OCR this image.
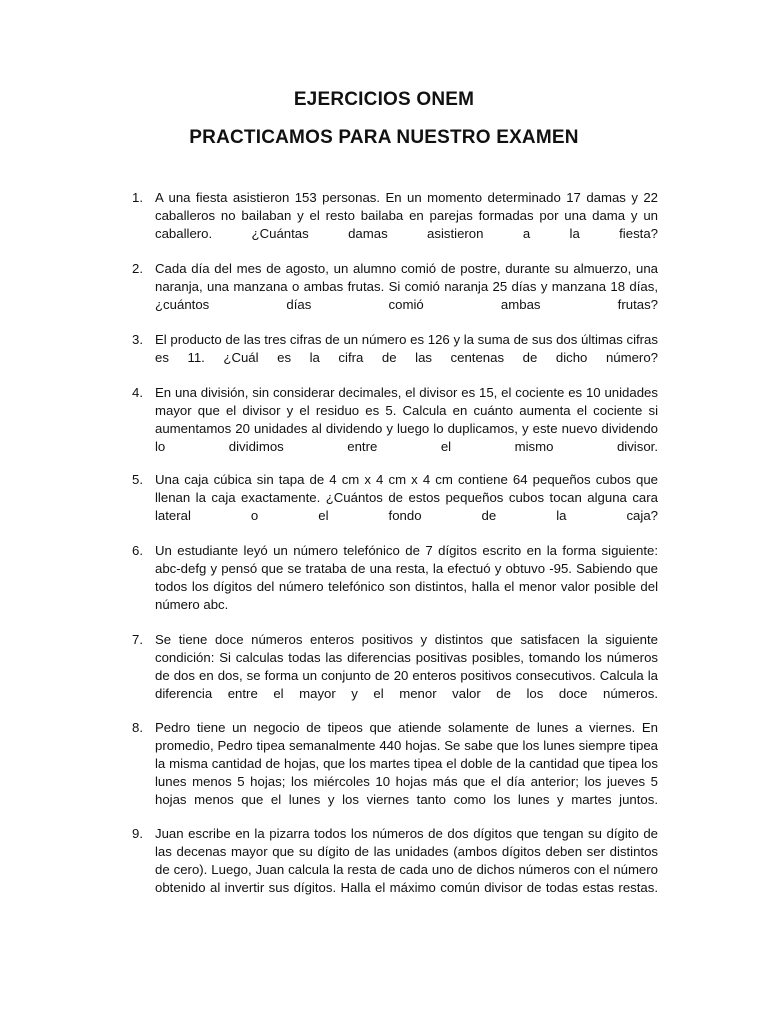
EJERCICIOS ONEM
PRACTICAMOS PARA NUESTRO EXAMEN
1. A una fiesta asistieron 153 personas. En un momento determinado 17 damas y 22 caballeros no bailaban y el resto bailaba en parejas formadas por una dama y un caballero. ¿Cuántas damas asistieron a la fiesta?

2. Cada día del mes de agosto, un alumno comió de postre, durante su almuerzo, una naranja, una manzana o ambas frutas. Si comió naranja 25 días y manzana 18 días, ¿cuántos días comió ambas frutas?

3. El producto de las tres cifras de un número es 126 y la suma de sus dos últimas cifras es 11. ¿Cuál es la cifra de las centenas de dicho número?

4. En una división, sin considerar decimales, el divisor es 15, el cociente es 10 unidades mayor que el divisor y el residuo es 5. Calcula en cuánto aumenta el cociente si aumentamos 20 unidades al dividendo y luego lo duplicamos, y este nuevo dividendo lo dividimos entre el mismo divisor.

5. Una caja cúbica sin tapa de 4 cm x 4 cm x 4 cm contiene 64 pequeños cubos que llenan la caja exactamente. ¿Cuántos de estos pequeños cubos tocan alguna cara lateral o el fondo de la caja?

6. Un estudiante leyó un número telefónico de 7 dígitos escrito en la forma siguiente: abc-defg y pensó que se trataba de una resta, la efectuó y obtuvo -95. Sabiendo que todos los dígitos del número telefónico son distintos, halla el menor valor posible del número abc.

7. Se tiene doce números enteros positivos y distintos que satisfacen la siguiente condición: Si calculas todas las diferencias positivas posibles, tomando los números de dos en dos, se forma un conjunto de 20 enteros positivos consecutivos. Calcula la diferencia entre el mayor y el menor valor de los doce números.

8. Pedro tiene un negocio de tipeos que atiende solamente de lunes a viernes. En promedio, Pedro tipea semanalmente 440 hojas. Se sabe que los lunes siempre tipea la misma cantidad de hojas, que los martes tipea el doble de la cantidad que tipea los lunes menos 5 hojas; los miércoles 10 hojas más que el día anterior; los jueves 5 hojas menos que el lunes y los viernes tanto como los lunes y martes juntos.

9. Juan escribe en la pizarra todos los números de dos dígitos que tengan su dígito de las decenas mayor que su dígito de las unidades (ambos dígitos deben ser distintos de cero). Luego, Juan calcula la resta de cada uno de dichos números con el número obtenido al invertir sus dígitos. Halla el máximo común divisor de todas estas restas.
